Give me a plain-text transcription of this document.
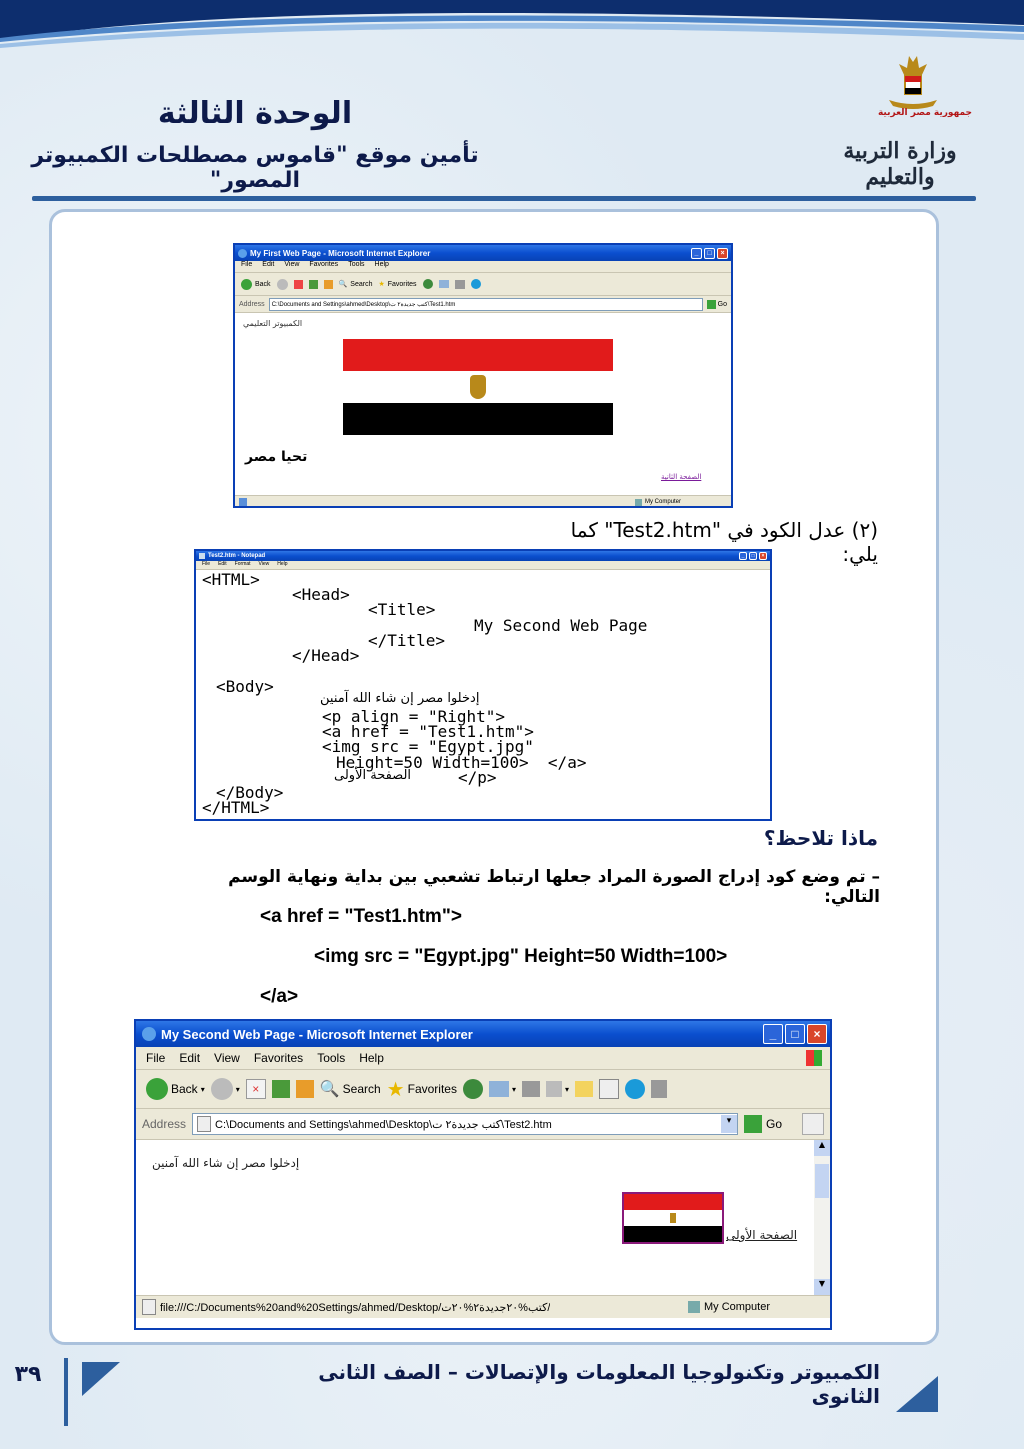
الوحدة الثالثة
تأمين موقع "قاموس مصطلحات الكمبيوتر المصور"
جمهورية مصر العربية
وزارة التربية والتعليم
My First Web Page - Microsoft Internet Explorer	_	□	×
File Edit View Favorites Tools Help
Back	🔍 Search ★ Favorites
Address C:\Documents and Settings\ahmed\Desktop\كتب جديدة٢ ت\Test1.htm	Go
الكمبيوتر التعليمي
تحيا مصر
الصفحة الثانية
My Computer
(٢) عدل الكود في "Test2.htm" كما يلي:
Test2.htm - Notepad	_	□	×
File Edit Format View Help
<HTML>
<Head>
<Title>
My Second Web Page
</Title>
</Head>
<Body>
إدخلوا مصر إن شاء الله آمنين
<p align = "Right">
<a href = "Test1.htm">
<img src = "Egypt.jpg"
Height=50 Width=100>  </a>
الصفحة الأولى	</p>
</Body>
</HTML>
ماذا تلاحظ؟
– تم وضع كود إدراج الصورة المراد جعلها ارتباط تشعبي بين بداية ونهاية الوسم التالي:
<a href = "Test1.htm">
<img src = "Egypt.jpg" Height=50 Width=100>
</a>
My Second Web Page - Microsoft Internet Explorer	_	□	×
File Edit View Favorites Tools Help
Back ▾	▾	×	🔍 Search ★ Favorites	▾	▾
Address	C:\Documents and Settings\ahmed\Desktop\كتب جديدة٢ ت\Test2.htm	▾	Go
إدخلوا مصر إن شاء الله آمنين
الصفحة الأولى
▲
▼
file:///C:/Documents%20and%20Settings/ahmed/Desktop/كتب%٢٠جديدة٢%٢٠ت/	My Computer
٣٩	الكمبيوتر وتكنولوجيا المعلومات والإتصالات – الصف الثانى الثانوى
